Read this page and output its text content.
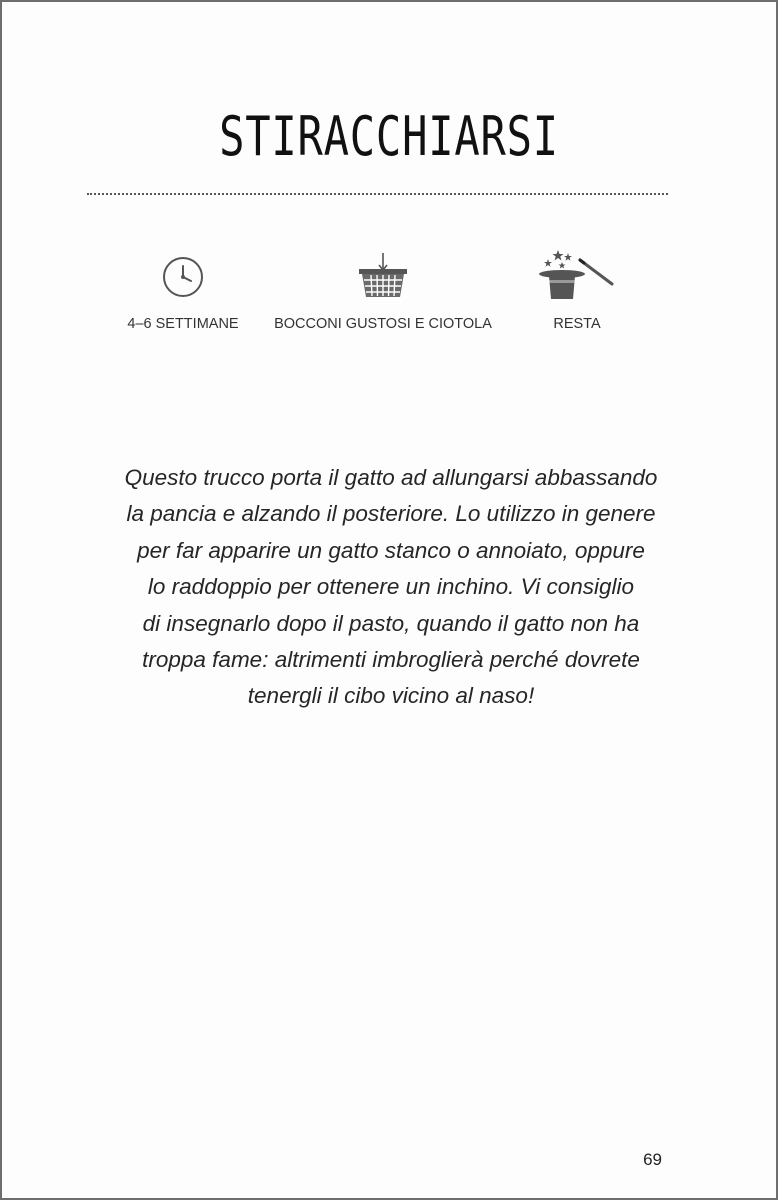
STIRACCHIARSI
4–6 SETTIMANE	BOCCONI GUSTOSI E CIOTOLA	RESTA
Questo trucco porta il gatto ad allungarsi abbassando
la pancia e alzando il posteriore. Lo utilizzo in genere
per far apparire un gatto stanco o annoiato, oppure
lo raddoppio per ottenere un inchino. Vi consiglio
di insegnarlo dopo il pasto, quando il gatto non ha
troppa fame: altrimenti imbroglierà perché dovrete
tenergli il cibo vicino al naso!
69
